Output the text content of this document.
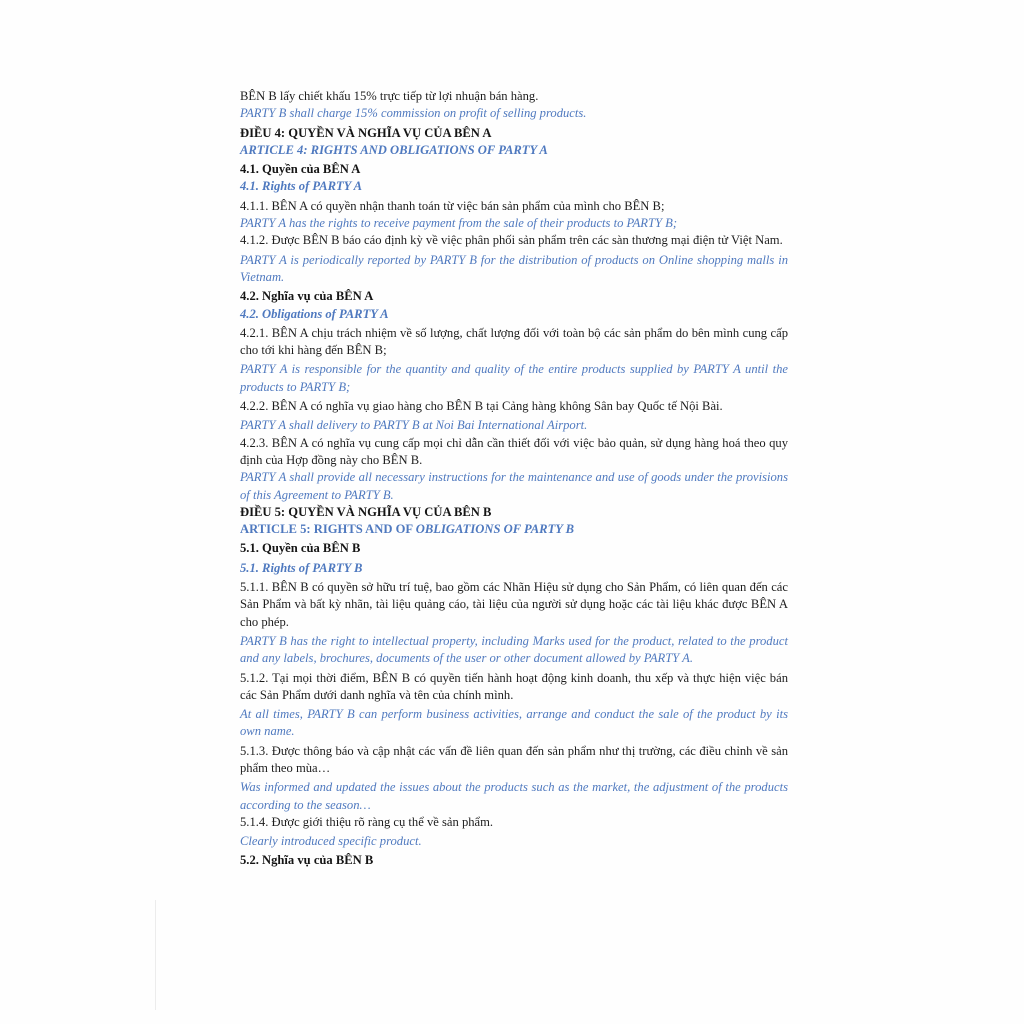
BÊN B lấy chiết khấu 15% trực tiếp từ lợi nhuận bán hàng.

PARTY B shall charge 15% commission on profit of selling products.

ĐIỀU 4: QUYỀN VÀ NGHĨA VỤ CỦA BÊN A

ARTICLE 4: RIGHTS AND OBLIGATIONS OF PARTY A

4.1. Quyền của BÊN A

4.1. Rights of PARTY A

4.1.1. BÊN A có quyền nhận thanh toán từ việc bán sản phẩm của mình cho BÊN B;

PARTY A has the rights to receive payment from the sale of their products to PARTY B;

4.1.2. Được BÊN B báo cáo định kỳ về việc phân phối sản phẩm trên các sàn thương mại điện tử Việt Nam.

PARTY A is periodically reported by PARTY B for the distribution of products on Online shopping malls in Vietnam.

4.2. Nghĩa vụ của BÊN A

4.2. Obligations of PARTY A

4.2.1. BÊN A chịu trách nhiệm về số lượng, chất lượng đối với toàn bộ các sản phẩm do bên mình cung cấp cho tới khi hàng đến BÊN B;

PARTY A is responsible for the quantity and quality of the entire products supplied by PARTY A until the products to PARTY B;

4.2.2. BÊN A có nghĩa vụ giao hàng cho BÊN B tại Cảng hàng không Sân bay Quốc tế Nội Bài.

PARTY A shall delivery to PARTY B at Noi Bai International Airport.

4.2.3. BÊN A có nghĩa vụ cung cấp mọi chỉ dẫn cần thiết đối với việc bảo quản, sử dụng hàng hoá theo quy định của Hợp đồng này cho BÊN B.

PARTY A shall provide all necessary instructions for the maintenance and use of goods under the provisions of this Agreement to PARTY B.

ĐIỀU 5: QUYỀN VÀ NGHĨA VỤ CỦA BÊN B

ARTICLE 5: RIGHTS AND OF OBLIGATIONS OF PARTY B

5.1. Quyền của BÊN B

5.1. Rights of PARTY B

5.1.1. BÊN B có quyền sở hữu trí tuệ, bao gồm các Nhãn Hiệu sử dụng cho Sản Phẩm, có liên quan đến các Sản Phẩm và bất kỳ nhãn, tài liệu quảng cáo, tài liệu của người sử dụng hoặc các tài liệu khác được BÊN A cho phép.

PARTY B has the right to intellectual property, including Marks used for the product, related to the product and any labels, brochures, documents of the user or other document allowed by PARTY A.

5.1.2. Tại mọi thời điểm, BÊN B có quyền tiến hành hoạt động kinh doanh, thu xếp và thực hiện việc bán các Sản Phẩm dưới danh nghĩa và tên của chính mình.

At all times, PARTY B can perform business activities, arrange and conduct the sale of the product by its own name.

5.1.3. Được thông báo và cập nhật các vấn đề liên quan đến sản phẩm như thị trường, các điều chỉnh về sản phẩm theo mùa…

Was informed and updated the issues about the products such as the market, the adjustment of the products according to the season…

5.1.4. Được giới thiệu rõ ràng cụ thể về sản phẩm.

Clearly introduced specific product.

5.2. Nghĩa vụ của BÊN B
